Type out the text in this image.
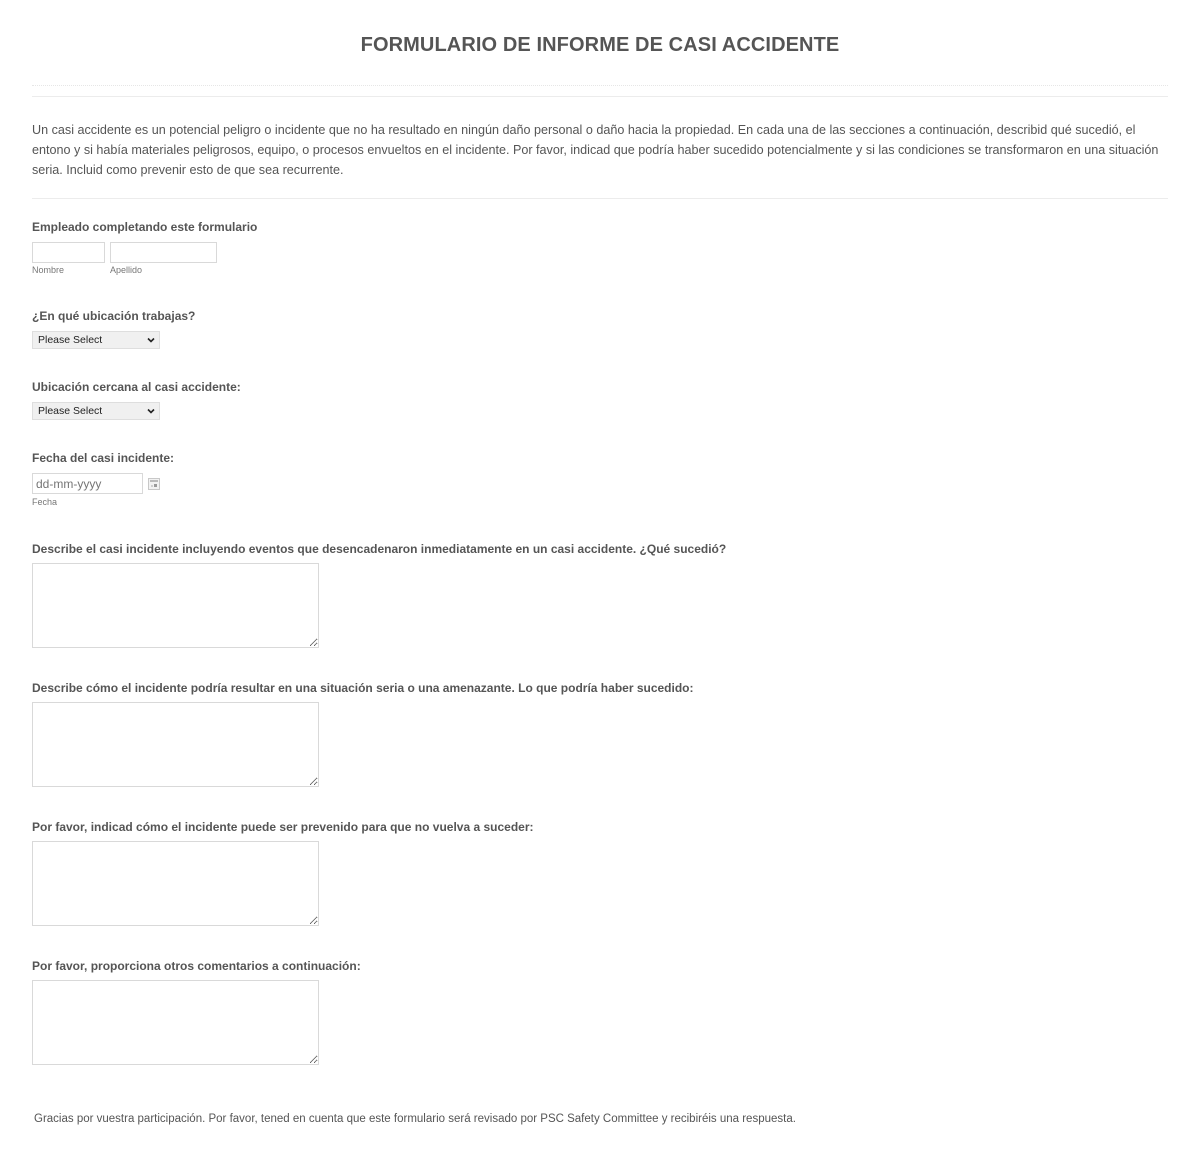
FORMULARIO DE INFORME DE CASI ACCIDENTE
Un casi accidente es un potencial peligro o incidente que no ha resultado en ningún daño personal o daño hacia la propiedad. En cada una de las secciones a continuación, describid qué sucedió, el entono y si había materiales peligrosos, equipo, o procesos envueltos en el incidente. Por favor, indicad que podría haber sucedido potencialmente y si las condiciones se transformaron en una situación seria. Incluid como prevenir esto de que sea recurrente.
Empleado completando este formulario
Nombre	Apellido
¿En qué ubicación trabajas?
Please Select
Ubicación cercana al casi accidente:
Please Select
Fecha del casi incidente:
dd-mm-yyyy
Fecha
Describe el casi incidente incluyendo eventos que desencadenaron inmediatamente en un casi accidente. ¿Qué sucedió?
Describe cómo el incidente podría resultar en una situación seria o una amenazante. Lo que podría haber sucedido:
Por favor, indicad cómo el incidente puede ser prevenido para que no vuelva a suceder:
Por favor, proporciona otros comentarios a continuación:
Gracias por vuestra participación. Por favor, tened en cuenta que este formulario será revisado por PSC Safety Committee y recibiréis una respuesta.
